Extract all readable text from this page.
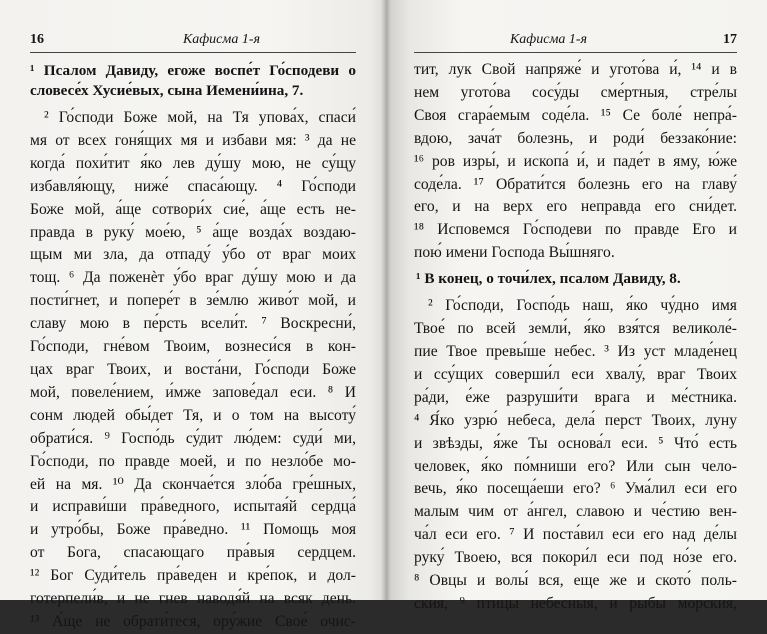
16	Кафисма 1-я
¹ Псалом Давиду, егоже воспе́т Го́сподеви о
словесе́х Хусие́вых, сына Иемени́ина, 7.
² Го́споди Боже мой, на Тя упова́х, спаси́
мя от всех гоня́щих мя и избави мя: ³ да не
когда́ похи́тит я́ко лев ду́шу мою, не су́щу
избавля́ющу, ниже́ спаса́ющу. ⁴ Го́споди
Боже мой, а́ще сотвори́х сие́, а́ще есть не-
правда в руку́ мое́ю, ⁵ а́ще возда́х воздаю-
щым ми зла, да отпаду́ у́бо от враг моих
тощ. ⁶ Да поженѐт у́бо враг ду́шу мою и да
пости́гнет, и попере́т в зе́млю живо́т мой, и
славу мою в пе́рсть всели́т. ⁷ Воскресни́,
Го́споди, гне́вом Твоим, вознеси́ся в кон-
цах враг Твоих, и воста́ни, Го́споди Боже
мой, повеле́нием, и́мже запове́дал еси. ⁸ И
сонм людей обы́дет Тя, и о том на высоту́
обрати́ся. ⁹ Госпо́дь су́дит лю́дем: суди́ ми,
Го́споди, по правде моей, и по незло́бе мо-
ей на мя. ¹⁰ Да скончае́тся зло́ба гре́шных,
и исправи́ши пра́ведного, испытая́й сердца́
и утро́бы, Боже пра́ведно. ¹¹ Помощь моя
от Бога, спасающаго пра́выя сердцем.
¹² Бог Суди́тель пра́веден и кре́пок, и дол-
готерпели́в, и не гнев наводя́й на всяк день.
¹³ А́ще не обрати́теся, ору́жие Свое́ очис-
Кафисма 1-я	17
тит, лук Свой напряже́ и угото́ва и́, ¹⁴ и в
нем угото́ва сосу́ды сме́ртныя, стре́лы
Своя сгара́емым соде́ла. ¹⁵ Се боле́ непра́-
вдою, зача́т болезнь, и роди́ беззако́ние:
¹⁶ ров изры́, и ископа́ и́, и паде́т в яму, ю́же
соде́ла. ¹⁷ Обрати́тся болезнь его на главу́
его, и на верх его неправда его сни́дет.
¹⁸ Исповемся Го́сподеви по правде Его и
пою́ имени Господа Вы́шняго.
¹ В конец, о точи́лех, псалом Давиду, 8.
² Го́споди, Госпо́дь наш, я́ко чу́дно имя
Твое́ по всей земли́, я́ко взя́тся великоле́-
пие Твое превы́ше небес. ³ Из уст младе́нец
и ссу́щих соверши́л еси хвалу́, враг Твоих
ра́ди, е́же разруши́ти врага и ме́стника.
⁴ Я́ко узрю́ небеса, дела́ перст Твоих, луну
и звѣзды, я́же Ты основа́л еси. ⁵ Что́ есть
человек, я́ко по́мниши его? Или сын чело-
вечь, я́ко посеща́еши его? ⁶ Ума́лил еси его
малым чим от а́нгел, славою и че́стию вен-
ча́л еси его. ⁷ И поста́вил еси его над де́лы
руку́ Твоею, вся покори́л еси под но́зе его.
⁸ Овцы и волы́ вся, еще же и ското́ поль-
ския, ⁹ птицы небесныя, и рыбы морския,
